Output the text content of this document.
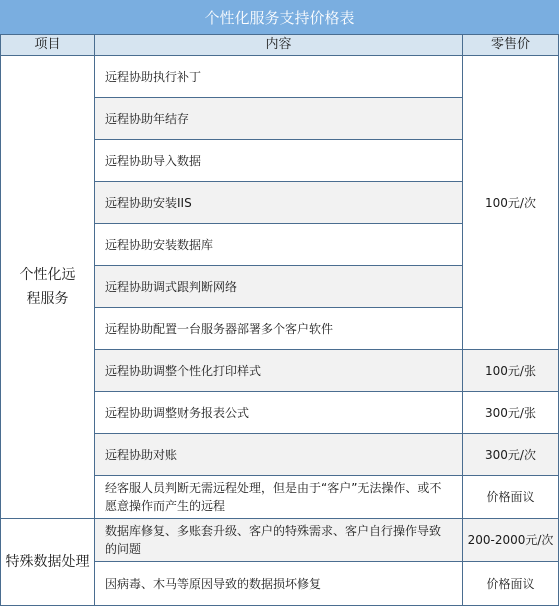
个性化服务支持价格表
项目	内容	零售价
个性化远程服务
特殊数据处理
远程协助执行补丁
远程协助年结存
远程协助导入数据
远程协助安装IIS
远程协助安装数据库
远程协助调式跟判断网络
远程协助配置一台服务器部署多个客户软件
远程协助调整个性化打印样式
远程协助调整财务报表公式
远程协助对账
经客服人员判断无需远程处理，但是由于“客户”无法操作、或不愿意操作而产生的远程
数据库修复、多账套升级、客户的特殊需求、客户自行操作导致的问题
因病毒、木马等原因导致的数据损坏修复
100元/次
100元/张
300元/张
300元/次
价格面议
200-2000元/次
价格面议
